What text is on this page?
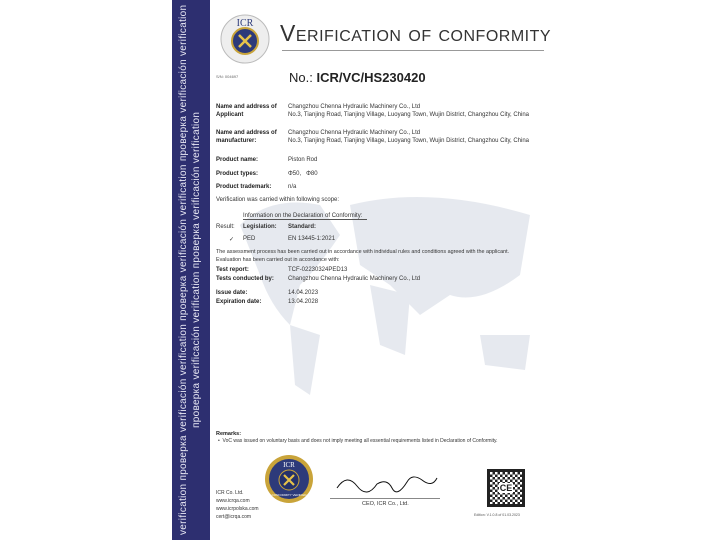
verification проверка verificación verification проверка verificación verification проверка verificación verification проверка verificación verification проверка verificación verification
ICR Verification of conformity
S/N: 004697	No.: ICR/VC/HS230420
Name and address of Applicant
Changzhou Chenna Hydraulic Machinery Co., Ltd
No.3, Tianjing Road, Tianjing Village, Luoyang Town, Wujin District, Changzhou City, China
Name and address of manufacturer:
Changzhou Chenna Hydraulic Machinery Co., Ltd
No.3, Tianjing Road, Tianjing Village, Luoyang Town, Wujin District, Changzhou City, China
Product name:	Piston Rod
Product types:	Φ50,   Φ80
Product trademark:	n/a
Verification was carried within following scope:
Information on the Declaration of Conformity:
Result: Legislation: Standard:
✓ PED	EN 13445-1:2021
The assessment process has been carried out in accordance with individual rules and conditions agreed with the applicant.
Evaluation has been carried out in accordance with:
Test report:	TCF-02230324PED13
Tests conducted by:	Changzhou Chenna Hydraulic Machinery Co., Ltd
Issue date:	14.04.2023
Expiration date:	13.04.2028
Remarks:
•  VoC was issued on voluntary basis and does not imply meeting all essential requirements listed in Declaration of Conformity.
ICR Co. Ltd.
www.icrqa.com
www.icrpolska.com
cert@icrqa.com
ICR
CONFORMITY VERIFIED
CEO, ICR Co., Ltd.
CE
Edition: V.1.0.8 of 01.03.2023
